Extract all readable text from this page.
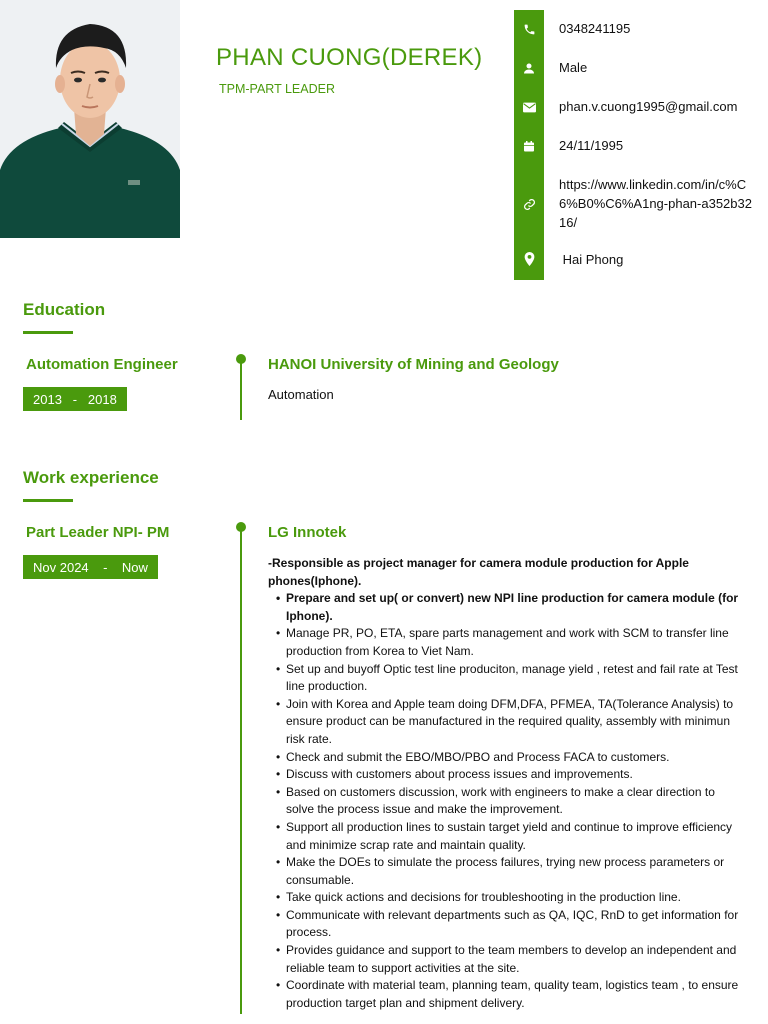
PHAN CUONG(DEREK)
TPM-PART LEADER
0348241195
Male
phan.v.cuong1995@gmail.com
24/11/1995
https://www.linkedin.com/in/c%C6%B0%C6%A1ng-phan-a352b3216/
Hai Phong
Education
Automation Engineer
2013   -   2018
HANOI University of Mining and Geology
Automation
Work experience
Part Leader NPI- PM
Nov 2024    -    Now
LG Innotek
-Responsible as project manager for camera module production for Apple phones(Iphone).
• Prepare and set up( or convert) new NPI line production for camera module (for Iphone).
• Manage PR, PO, ETA, spare parts management and work with SCM to transfer line production from Korea to Viet Nam.
• Set up and buyoff Optic test line produciton, manage yield , retest and fail rate at Test line production.
• Join with Korea and Apple team doing DFM,DFA, PFMEA, TA(Tolerance Analysis) to ensure product can be manufactured in the required quality, assembly with minimun risk rate.
• Check and submit the EBO/MBO/PBO and Process FACA to customers.
• Discuss with customers about process issues and improvements.
• Based on customers discussion, work with engineers to make a clear direction to solve the process issue and make the improvement.
• Support all production lines to sustain target yield and continue to improve efficiency and minimize scrap rate and maintain quality.
• Make the DOEs to simulate the process failures, trying new process parameters or consumable.
• Take quick actions and decisions for troubleshooting in the production line.
• Communicate with relevant departments such as QA, IQC, RnD to get information for process.
• Provides guidance and support to the team members to develop an independent and reliable team to support activities at the site.
• Coordinate with material team, planning team, quality team, logistics team , to ensure production target plan and shipment delivery.
